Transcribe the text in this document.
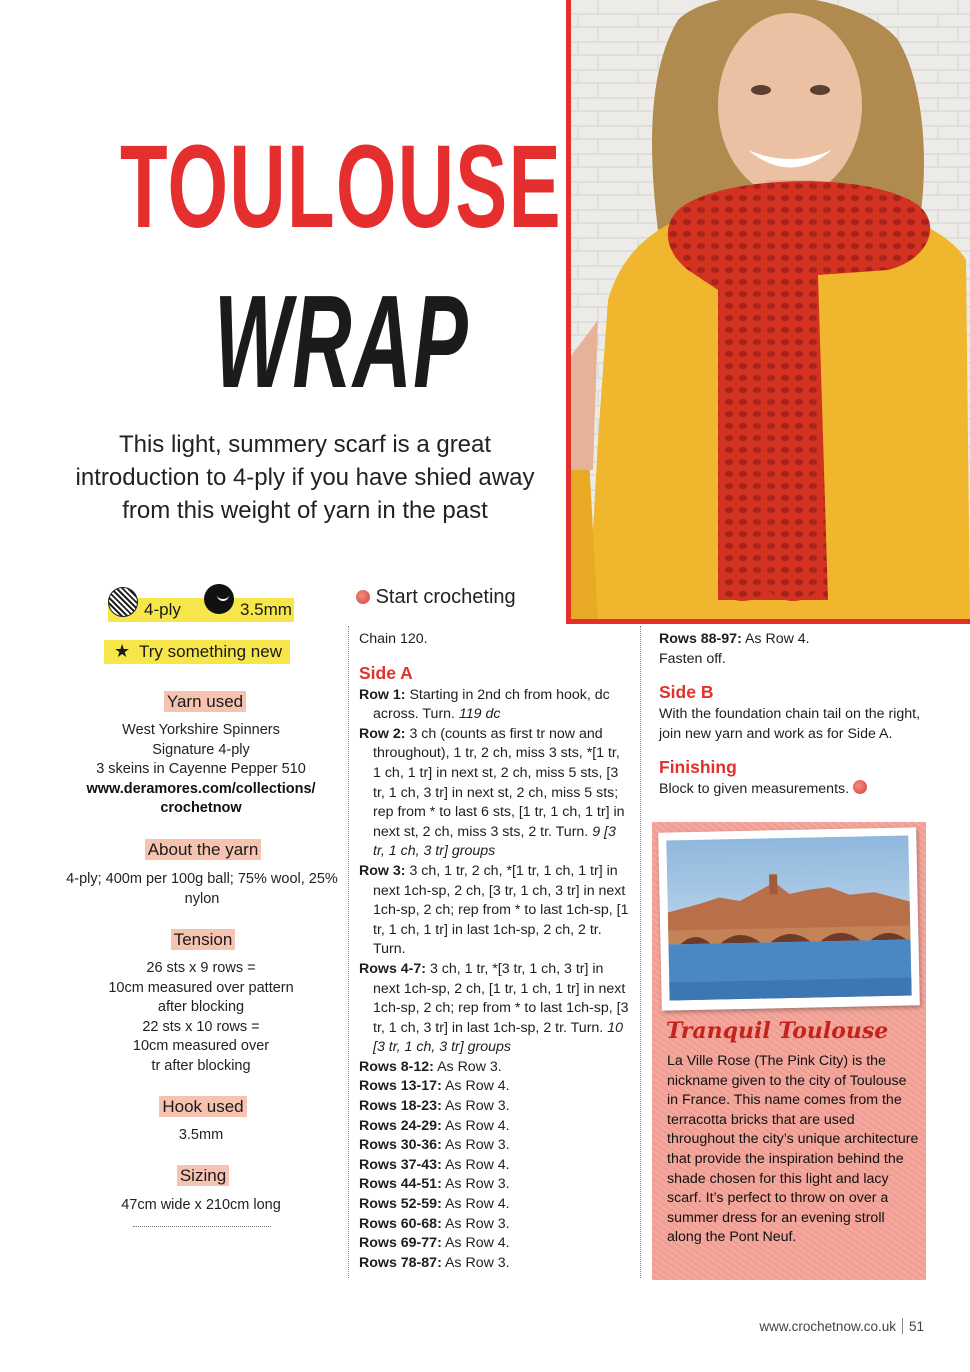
TOULOUSE
WRAP
This light, summery scarf is a great introduction to 4-ply if you have shied away from this weight of yarn in the past
4-ply	3.5mm
★ Try something new
Yarn used
West Yorkshire Spinners
Signature 4-ply
3 skeins in Cayenne Pepper 510
www.deramores.com/collections/
crochetnow
About the yarn
4-ply; 400m per 100g ball; 75% wool, 25% nylon
Tension
26 sts x 9 rows =
10cm measured over pattern
after blocking
22 sts x 10 rows =
10cm measured over
tr after blocking
Hook used
3.5mm
Sizing
47cm wide x 210cm long
Start crocheting

Chain 120.

Side A

Row 1: Starting in 2nd ch from hook, dc across. Turn. 119 dc

Row 2: 3 ch (counts as first tr now and throughout), 1 tr, 2 ch, miss 3 sts, *[1 tr, 1 ch, 1 tr] in next st, 2 ch, miss 5 sts, [3 tr, 1 ch, 3 tr] in next st, 2 ch, miss 5 sts; rep from * to last 6 sts, [1 tr, 1 ch, 1 tr] in next st, 2 ch, miss 3 sts, 2 tr. Turn. 9 [3 tr, 1 ch, 3 tr] groups

Row 3: 3 ch, 1 tr, 2 ch, *[1 tr, 1 ch, 1 tr] in next 1ch-sp, 2 ch, [3 tr, 1 ch, 3 tr] in next 1ch-sp, 2 ch; rep from * to last 1ch-sp, [1 tr, 1 ch, 1 tr] in last 1ch-sp, 2 ch, 2 tr. Turn.

Rows 4-7: 3 ch, 1 tr, *[3 tr, 1 ch, 3 tr] in next 1ch-sp, 2 ch, [1 tr, 1 ch, 1 tr] in next 1ch-sp, 2 ch; rep from * to last 1ch-sp, [3 tr, 1 ch, 3 tr] in last 1ch-sp, 2 tr. Turn. 10 [3 tr, 1 ch, 3 tr] groups

Rows 8-12: As Row 3.

Rows 13-17: As Row 4.

Rows 18-23: As Row 3.

Rows 24-29: As Row 4.

Rows 30-36: As Row 3.

Rows 37-43: As Row 4.

Rows 44-51: As Row 3.

Rows 52-59: As Row 4.

Rows 60-68: As Row 3.

Rows 69-77: As Row 4.

Rows 78-87: As Row 3.

Rows 88-97: As Row 4.

Fasten off.

Side B

With the foundation chain tail on the right, join new yarn and work as for Side A.

Finishing

Block to given measurements.

Tranquil Toulouse
La Ville Rose (The Pink City) is the nickname given to the city of Toulouse in France. This name comes from the terracotta bricks that are used throughout the city’s unique architecture that provide the inspiration behind the shade chosen for this light and lacy scarf. It’s perfect to throw on over a summer dress for an evening stroll along the Pont Neuf.
www.crochetnow.co.uk 51
